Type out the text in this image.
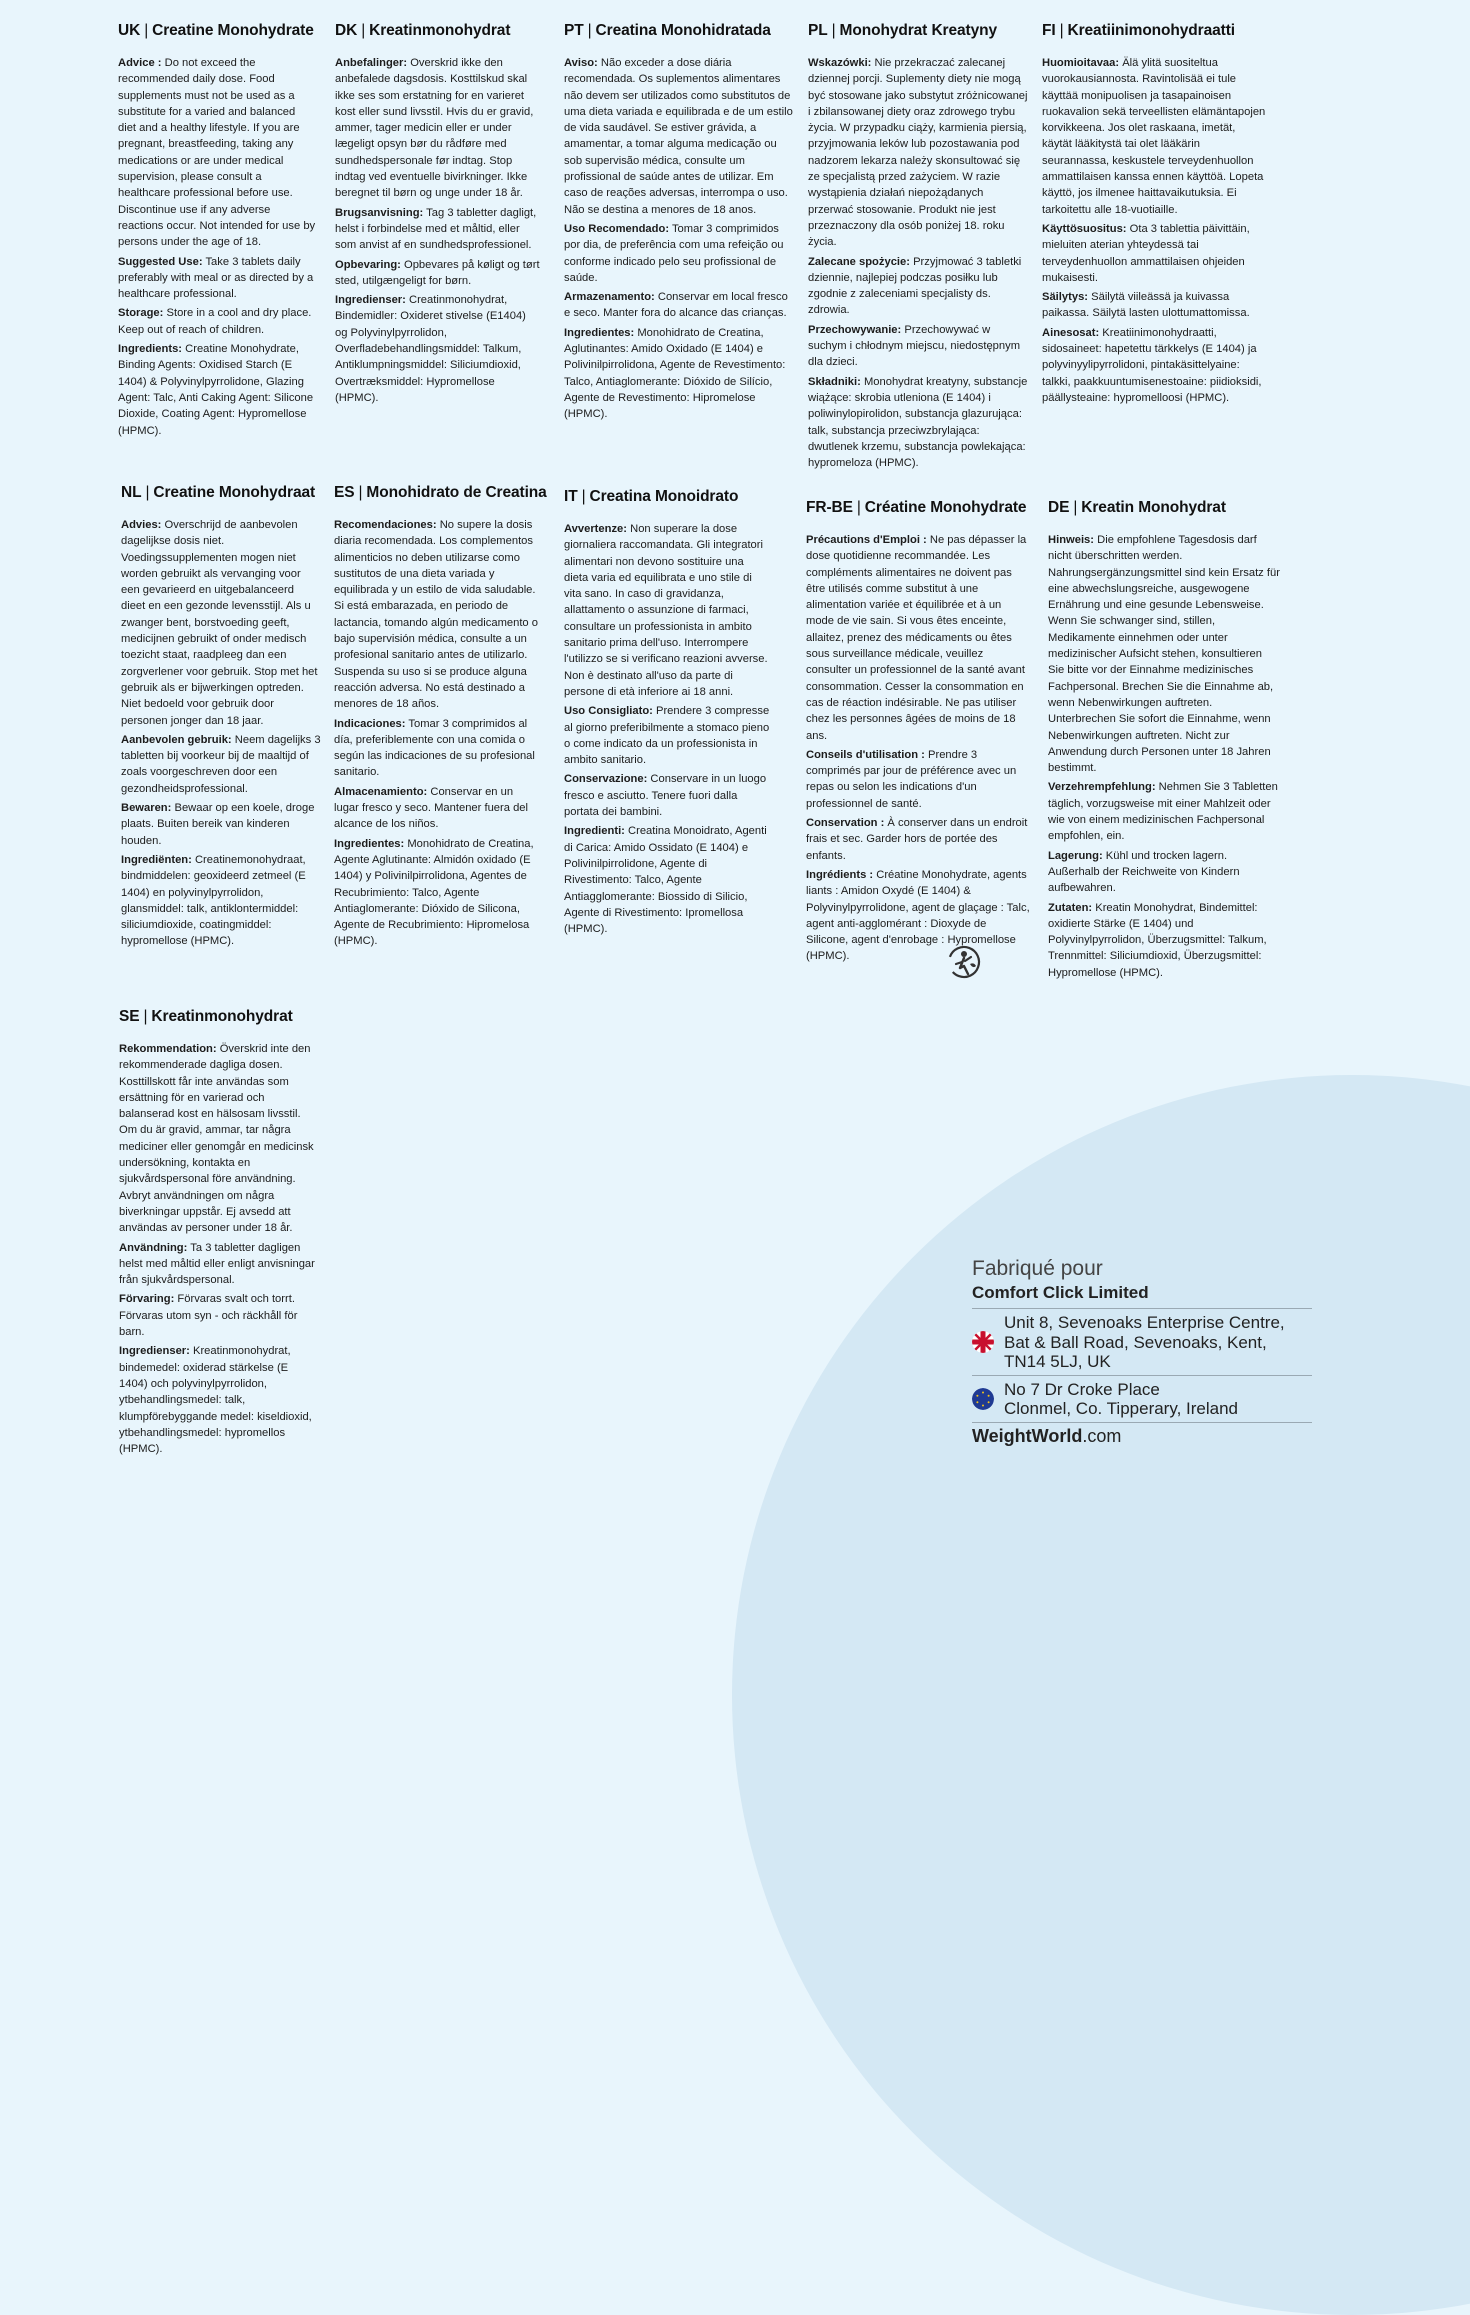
UK | Creatine Monohydrate

Advice : Do not exceed the recommended daily dose. Food supplements must not be used as a substitute for a varied and balanced diet and a healthy lifestyle. If you are pregnant, breastfeeding, taking any medications or are under medical supervision, please consult a healthcare professional before use. Discontinue use if any adverse reactions occur. Not intended for use by persons under the age of 18.

Suggested Use: Take 3 tablets daily preferably with meal or as directed by a healthcare professional.

Storage: Store in a cool and dry place. Keep out of reach of children.

Ingredients: Creatine Monohydrate, Binding Agents: Oxidised Starch (E 1404) & Polyvinylpyrrolidone, Glazing Agent: Talc, Anti Caking Agent: Silicone Dioxide, Coating Agent: Hypromellose (HPMC).

DK | Kreatinmonohydrat

Anbefalinger: Overskrid ikke den anbefalede dagsdosis. Kosttilskud skal ikke ses som erstatning for en varieret kost eller sund livsstil. Hvis du er gravid, ammer, tager medicin eller er under lægeligt opsyn bør du rådføre med sundhedspersonale før indtag. Stop indtag ved eventuelle bivirkninger. Ikke beregnet til børn og unge under 18 år.

Brugsanvisning: Tag 3 tabletter dagligt, helst i forbindelse med et måltid, eller som anvist af en sundhedsprofessionel.

Opbevaring: Opbevares på køligt og tørt sted, utilgængeligt for børn.

Ingredienser: Creatinmonohydrat, Bindemidler: Oxideret stivelse (E1404) og Polyvinylpyrrolidon, Overfladebehandlingsmiddel: Talkum, Antiklumpningsmiddel: Siliciumdioxid, Overtræksmiddel: Hypromellose (HPMC).

PT | Creatina Monohidratada

Aviso: Não exceder a dose diária recomendada. Os suplementos alimentares não devem ser utilizados como substitutos de uma dieta variada e equilibrada e de um estilo de vida saudável. Se estiver grávida, a amamentar, a tomar alguma medicação ou sob supervisão médica, consulte um profissional de saúde antes de utilizar. Em caso de reações adversas, interrompa o uso. Não se destina a menores de 18 anos.

Uso Recomendado: Tomar 3 comprimidos por dia, de preferência com uma refeição ou conforme indicado pelo seu profissional de saúde.

Armazenamento: Conservar em local fresco e seco. Manter fora do alcance das crianças.

Ingredientes: Monohidrato de Creatina, Aglutinantes: Amido Oxidado (E 1404) e Polivinilpirrolidona, Agente de Revestimento: Talco, Antiaglomerante: Dióxido de Silício, Agente de Revestimento: Hipromelose (HPMC).

PL | Monohydrat Kreatyny

Wskazówki: Nie przekraczać zalecanej dziennej porcji. Suplementy diety nie mogą być stosowane jako substytut zróżnicowanej i zbilansowanej diety oraz zdrowego trybu życia. W przypadku ciąży, karmienia piersią, przyjmowania leków lub pozostawania pod nadzorem lekarza należy skonsultować się ze specjalistą przed zażyciem. W razie wystąpienia działań niepożądanych przerwać stosowanie. Produkt nie jest przeznaczony dla osób poniżej 18. roku życia.

Zalecane spożycie: Przyjmować 3 tabletki dziennie, najlepiej podczas posiłku lub zgodnie z zaleceniami specjalisty ds. zdrowia.

Przechowywanie: Przechowywać w suchym i chłodnym miejscu, niedostępnym dla dzieci.

Składniki: Monohydrat kreatyny, substancje wiążące: skrobia utleniona (E 1404) i poliwinylopirolidon, substancja glazurująca: talk, substancja przeciwzbrylająca: dwutlenek krzemu, substancja powlekająca: hypromeloza (HPMC).

FI | Kreatiinimonohydraatti

Huomioitavaa: Älä ylitä suositeltua vuorokausiannosta. Ravintolisää ei tule käyttää monipuolisen ja tasapainoisen ruokavalion sekä terveellisten elämäntapojen korvikkeena. Jos olet raskaana, imetät, käytät lääkitystä tai olet lääkärin seurannassa, keskustele terveydenhuollon ammattilaisen kanssa ennen käyttöä. Lopeta käyttö, jos ilmenee haittavaikutuksia. Ei tarkoitettu alle 18-vuotiaille.

Käyttösuositus: Ota 3 tablettia päivittäin, mieluiten aterian yhteydessä tai terveydenhuollon ammattilaisen ohjeiden mukaisesti.

Säilytys: Säilytä viileässä ja kuivassa paikassa. Säilytä lasten ulottumattomissa.

Ainesosat: Kreatiinimonohydraatti, sidosaineet: hapetettu tärkkelys (E 1404) ja polyvinyylipyrrolidoni, pintakäsittelyaine: talkki, paakkuuntumisenestoaine: piidioksidi, päällysteaine: hypromelloosi (HPMC).

NL | Creatine Monohydraat

Advies: Overschrijd de aanbevolen dagelijkse dosis niet. Voedingssupplementen mogen niet worden gebruikt als vervanging voor een gevarieerd en uitgebalanceerd dieet en een gezonde levensstijl. Als u zwanger bent, borstvoeding geeft, medicijnen gebruikt of onder medisch toezicht staat, raadpleeg dan een zorgverlener voor gebruik. Stop met het gebruik als er bijwerkingen optreden. Niet bedoeld voor gebruik door personen jonger dan 18 jaar.

Aanbevolen gebruik: Neem dagelijks 3 tabletten bij voorkeur bij de maaltijd of zoals voorgeschreven door een gezondheidsprofessional.

Bewaren: Bewaar op een koele, droge plaats. Buiten bereik van kinderen houden.

Ingrediënten: Creatinemonohydraat, bindmiddelen: geoxideerd zetmeel (E 1404) en polyvinylpyrrolidon, glansmiddel: talk, antiklontermiddel: siliciumdioxide, coatingmiddel: hypromellose (HPMC).

ES | Monohidrato de Creatina

Recomendaciones: No supere la dosis diaria recomendada. Los complementos alimenticios no deben utilizarse como sustitutos de una dieta variada y equilibrada y un estilo de vida saludable. Si está embarazada, en periodo de lactancia, tomando algún medicamento o bajo supervisión médica, consulte a un profesional sanitario antes de utilizarlo. Suspenda su uso si se produce alguna reacción adversa. No está destinado a menores de 18 años.

Indicaciones: Tomar 3 comprimidos al día, preferiblemente con una comida o según las indicaciones de su profesional sanitario.

Almacenamiento: Conservar en un lugar fresco y seco. Mantener fuera del alcance de los niños.

Ingredientes: Monohidrato de Creatina, Agente Aglutinante: Almidón oxidado (E 1404) y Polivinilpirrolidona, Agentes de Recubrimiento: Talco, Agente Antiaglomerante: Dióxido de Silicona, Agente de Recubrimiento: Hipromelosa (HPMC).

IT | Creatina Monoidrato

Avvertenze: Non superare la dose giornaliera raccomandata. Gli integratori alimentari non devono sostituire una dieta varia ed equilibrata e uno stile di vita sano. In caso di gravidanza, allattamento o assunzione di farmaci, consultare un professionista in ambito sanitario prima dell'uso. Interrompere l'utilizzo se si verificano reazioni avverse. Non è destinato all'uso da parte di persone di età inferiore ai 18 anni.

Uso Consigliato: Prendere 3 compresse al giorno preferibilmente a stomaco pieno o come indicato da un professionista in ambito sanitario.

Conservazione: Conservare in un luogo fresco e asciutto. Tenere fuori dalla portata dei bambini.

Ingredienti: Creatina Monoidrato, Agenti di Carica: Amido Ossidato (E 1404) e Polivinilpirrolidone, Agente di Rivestimento: Talco, Agente Antiagglomerante: Biossido di Silicio, Agente di Rivestimento: Ipromellosa (HPMC).

FR-BE | Créatine Monohydrate

Précautions d'Emploi : Ne pas dépasser la dose quotidienne recommandée. Les compléments alimentaires ne doivent pas être utilisés comme substitut à une alimentation variée et équilibrée et à un mode de vie sain. Si vous êtes enceinte, allaitez, prenez des médicaments ou êtes sous surveillance médicale, veuillez consulter un professionnel de la santé avant consommation. Cesser la consommation en cas de réaction indésirable. Ne pas utiliser chez les personnes âgées de moins de 18 ans.

Conseils d'utilisation : Prendre 3 comprimés par jour de préférence avec un repas ou selon les indications d'un professionnel de santé.

Conservation : À conserver dans un endroit frais et sec. Garder hors de portée des enfants.

Ingrédients : Créatine Monohydrate, agents liants : Amidon Oxydé (E 1404) & Polyvinylpyrrolidone, agent de glaçage : Talc, agent anti-agglomérant : Dioxyde de Silicone, agent d'enrobage : Hypromellose (HPMC).

DE | Kreatin Monohydrat

Hinweis: Die empfohlene Tagesdosis darf nicht überschritten werden. Nahrungsergänzungsmittel sind kein Ersatz für eine abwechslungsreiche, ausgewogene Ernährung und eine gesunde Lebensweise. Wenn Sie schwanger sind, stillen, Medikamente einnehmen oder unter medizinischer Aufsicht stehen, konsultieren Sie bitte vor der Einnahme medizinisches Fachpersonal. Brechen Sie die Einnahme ab, wenn Nebenwirkungen auftreten. Unterbrechen Sie sofort die Einnahme, wenn Nebenwirkungen auftreten. Nicht zur Anwendung durch Personen unter 18 Jahren bestimmt.

Verzehrempfehlung: Nehmen Sie 3 Tabletten täglich, vorzugsweise mit einer Mahlzeit oder wie von einem medizinischen Fachpersonal empfohlen, ein.

Lagerung: Kühl und trocken lagern. Außerhalb der Reichweite von Kindern aufbewahren.

Zutaten: Kreatin Monohydrat, Bindemittel: oxidierte Stärke (E 1404) und Polyvinylpyrrolidon, Überzugsmittel: Talkum, Trennmittel: Siliciumdioxid, Überzugsmittel: Hypromellose (HPMC).

SE | Kreatinmonohydrat

Rekommendation: Överskrid inte den rekommenderade dagliga dosen. Kosttillskott får inte användas som ersättning för en varierad och balanserad kost en hälsosam livsstil. Om du är gravid, ammar, tar några mediciner eller genomgår en medicinsk undersökning, kontakta en sjukvårdspersonal före användning. Avbryt användningen om några biverkningar uppstår. Ej avsedd att användas av personer under 18 år.

Användning: Ta 3 tabletter dagligen helst med måltid eller enligt anvisningar från sjukvårdspersonal.

Förvaring: Förvaras svalt och torrt. Förvaras utom syn - och räckhåll för barn.

Ingredienser: Kreatinmonohydrat, bindemedel: oxiderad stärkelse (E 1404) och polyvinylpyrrolidon, ytbehandlingsmedel: talk, klumpförebyggande medel: kiseldioxid, ytbehandlingsmedel: hypromellos (HPMC).

Fabriqué pour

Comfort Click Limited

Unit 8, Sevenoaks Enterprise Centre,
Bat & Ball Road, Sevenoaks, Kent,
TN14 5LJ, UK
No 7 Dr Croke Place
Clonmel, Co. Tipperary, Ireland
WeightWorld.com
